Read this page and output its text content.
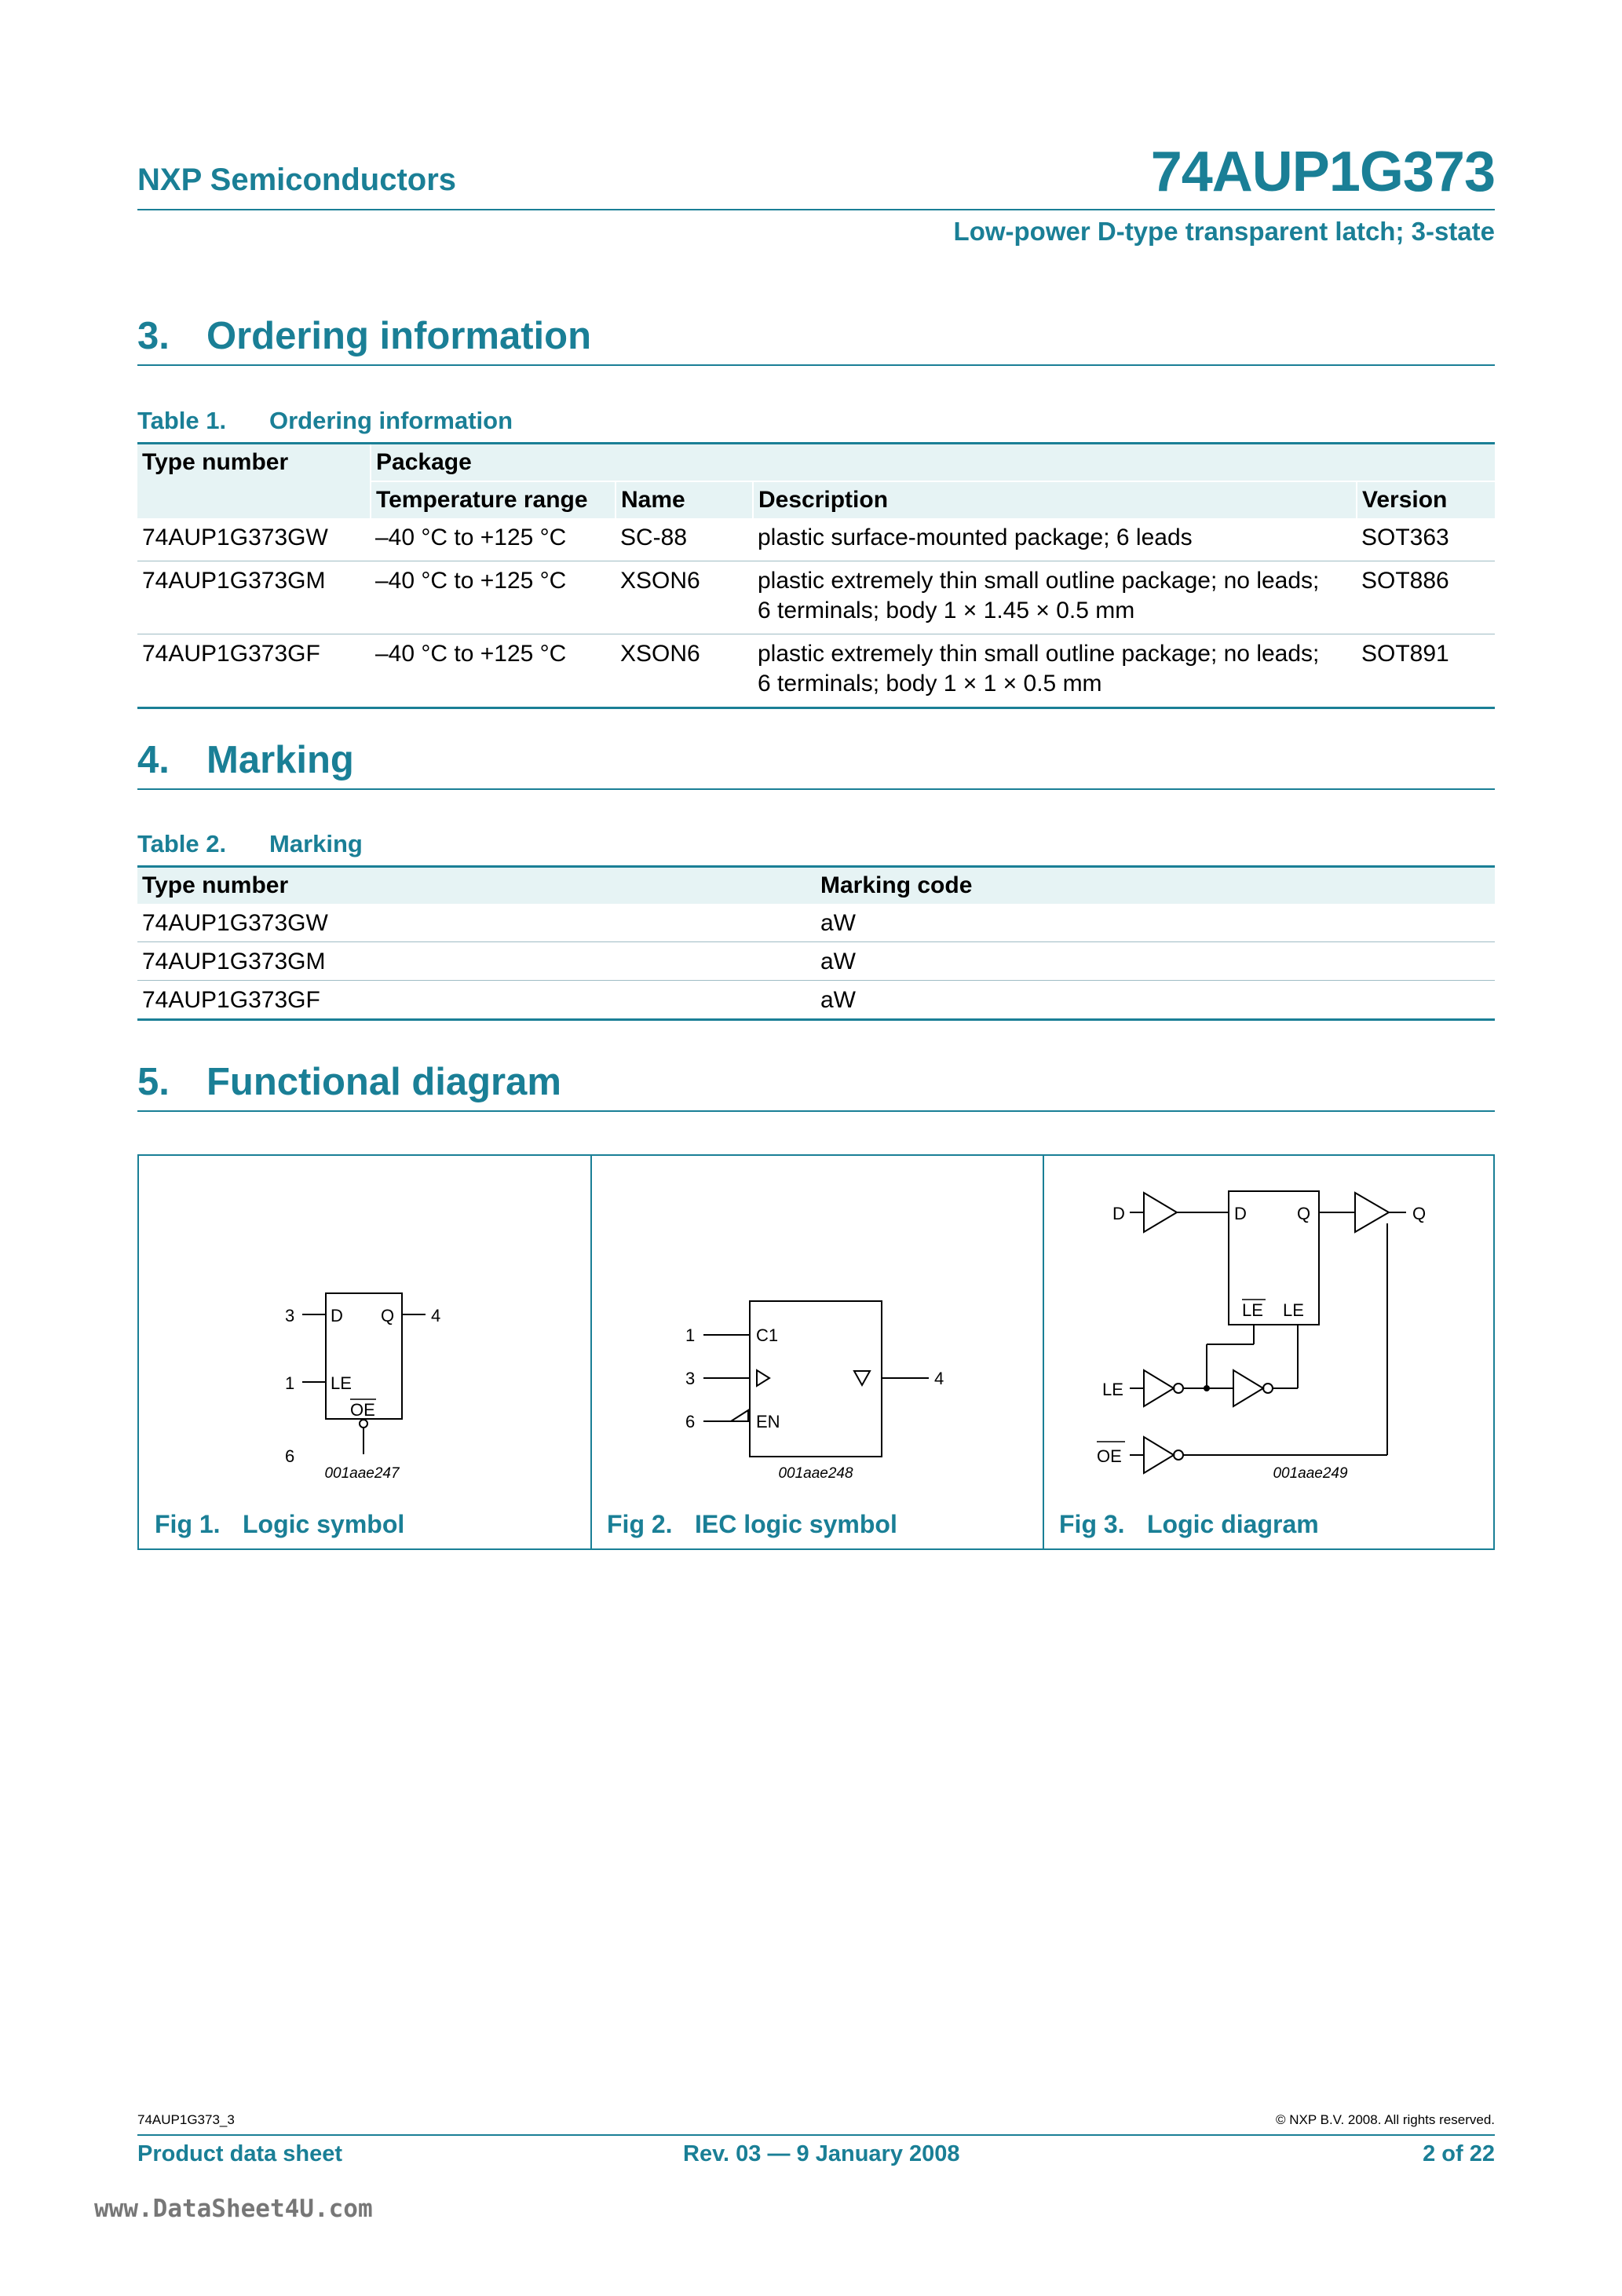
NXP Semiconductors	74AUP1G373
Low-power D-type transparent latch; 3-state
3. Ordering information
Table 1. Ordering information
Type number	Package			
	Temperature range	Name	Description	Version
74AUP1G373GW	–40 °C to +125 °C	SC-88	plastic surface-mounted package; 6 leads	SOT363
74AUP1G373GM	–40 °C to +125 °C	XSON6	plastic extremely thin small outline package; no leads;
6 terminals; body 1 × 1.45 × 0.5 mm	SOT886
74AUP1G373GF	–40 °C to +125 °C	XSON6	plastic extremely thin small outline package; no leads;
6 terminals; body 1 × 1 × 0.5 mm	SOT891
4. Marking
Table 2. Marking
Type number	Marking code
74AUP1G373GW	aW
74AUP1G373GM	aW
74AUP1G373GF	aW
5. Functional diagram
3	4
1
6
D Q
LE
OE
001aae247
Fig 1. Logic symbol
1
3
6
4
C1
EN
001aae248
Fig 2. IEC logic symbol
D	Q
LE
OE
D	Q
LE LE
001aae249
Fig 3. Logic diagram
74AUP1G373_3	© NXP B.V. 2008. All rights reserved.
Product data sheet	Rev. 03 — 9 January 2008	2 of 22
www.DataSheet4U.com
